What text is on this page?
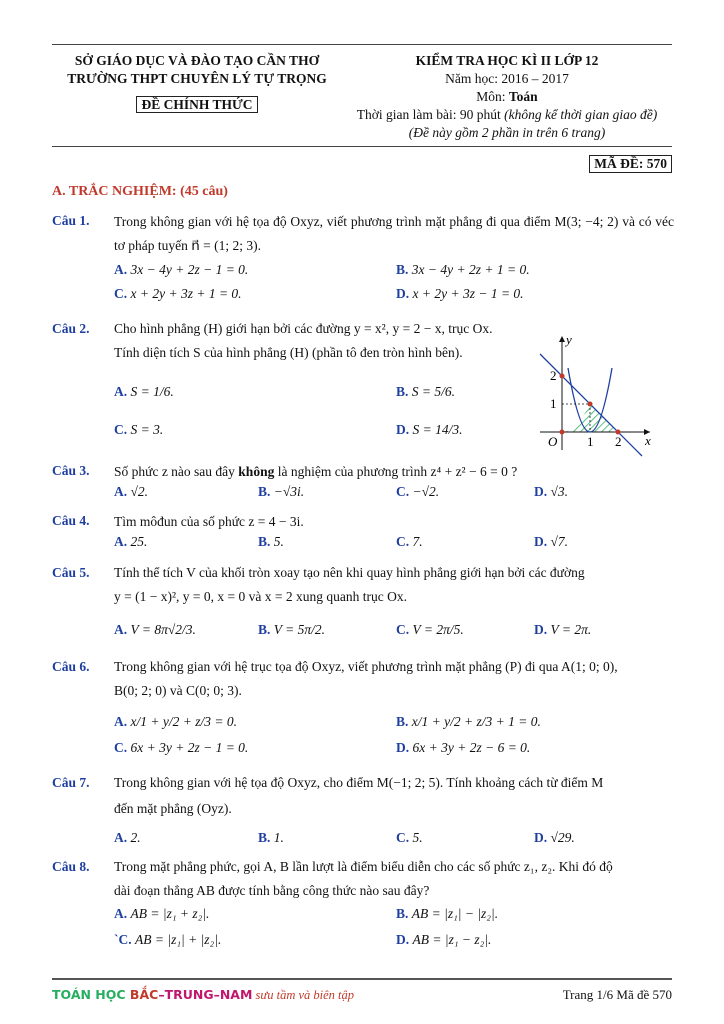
SỞ GIÁO DỤC VÀ ĐÀO TẠO CẦN THƠ
TRƯỜNG THPT CHUYÊN LÝ TỰ TRỌNG
ĐỀ CHÍNH THỨC
KIỂM TRA HỌC KÌ II LỚP 12
Năm học: 2016 – 2017
Môn: Toán
Thời gian làm bài: 90 phút (không kể thời gian giao đề)
(Đề này gồm 2 phần in trên 6 trang)
MÃ ĐỀ: 570
A. TRẮC NGHIỆM: (45 câu)
Câu 1. Trong không gian với hệ tọa độ Oxyz, viết phương trình mặt phẳng đi qua điểm M(3; −4; 2) và có véc tơ pháp tuyến n⃗ = (1; 2; 3).
A. 3x − 4y + 2z − 1 = 0.	B. 3x − 4y + 2z + 1 = 0.
C. x + 2y + 3z + 1 = 0.	D. x + 2y + 3z − 1 = 0.
Câu 2. Cho hình phẳng (H) giới hạn bởi các đường y = x², y = 2 − x, trục Ox.
Tính diện tích S của hình phẳng (H) (phần tô đen tròn hình bên).
A. S = 1/6.	B. S = 5/6.
C. S = 3.	D. S = 14/3.
2
1
O 1 2 x
y
Câu 3. Số phức z nào sau đây không là nghiệm của phương trình z⁴ + z² − 6 = 0 ?
A. √2.	B. −√3i.	C. −√2.	D. √3.
Câu 4. Tìm môđun của số phức z = 4 − 3i.
A. 25.	B. 5.	C. 7.	D. √7.
Câu 5. Tính thể tích V của khối tròn xoay tạo nên khi quay hình phẳng giới hạn bởi các đường
y = (1 − x)², y = 0, x = 0 và x = 2 xung quanh trục Ox.
A. V = 8π√2/3.	B. V = 5π/2.	C. V = 2π/5.	D. V = 2π.
Câu 6. Trong không gian với hệ trục tọa độ Oxyz, viết phương trình mặt phẳng (P) đi qua A(1; 0; 0),
B(0; 2; 0) và C(0; 0; 3).
A. x/1 + y/2 + z/3 = 0.	B. x/1 + y/2 + z/3 + 1 = 0.
C. 6x + 3y + 2z − 1 = 0.	D. 6x + 3y + 2z − 6 = 0.
Câu 7. Trong không gian với hệ tọa độ Oxyz, cho điểm M(−1; 2; 5). Tính khoảng cách từ điểm M
đến mặt phẳng (Oyz).
A. 2.	B. 1.	C. 5.	D. √29.
Câu 8. Trong mặt phẳng phức, gọi A, B lần lượt là điểm biểu diễn cho các số phức z₁, z₂. Khi đó độ
dài đoạn thẳng AB được tính bằng công thức nào sau đây?
A. AB = |z₁ + z₂|.	B. AB = |z₁| − |z₂|.
`C. AB = |z₁| + |z₂|.	D. AB = |z₁ − z₂|.
TOÁN HỌC BẮC–TRUNG–NAM sưu tầm và biên tập	Trang 1/6 Mã đề 570
